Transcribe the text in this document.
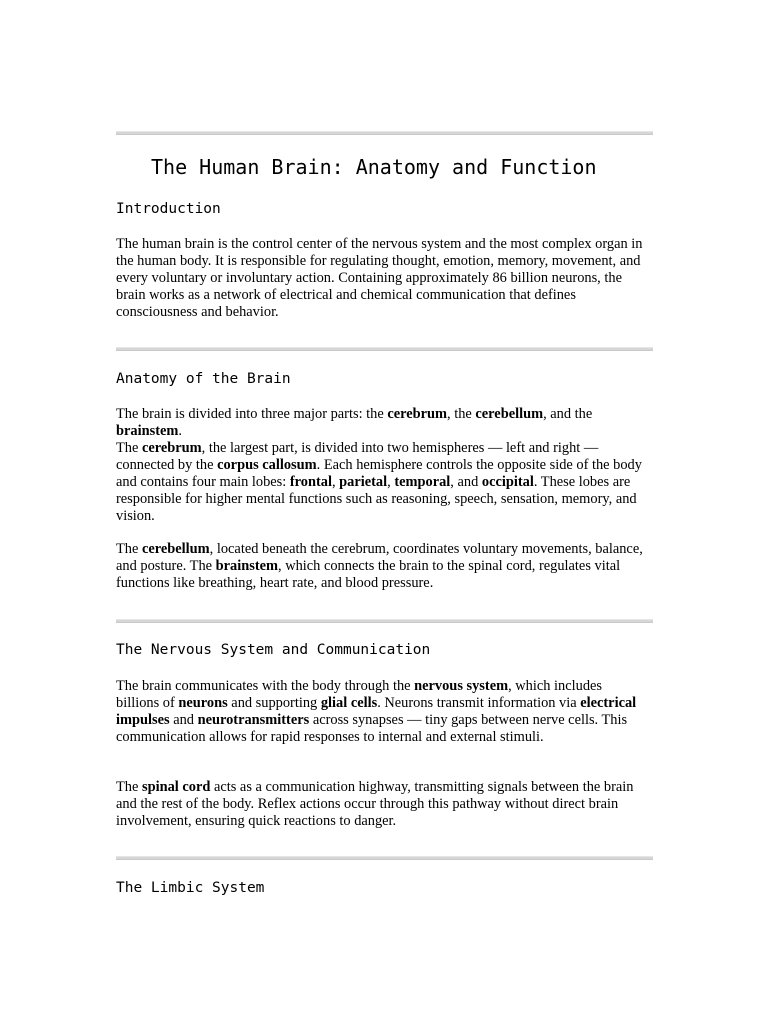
The Human Brain: Anatomy and Function
Introduction

The human brain is the control center of the nervous system and the most complex organ in the human body. It is responsible for regulating thought, emotion, memory, movement, and every voluntary or involuntary action. Containing approximately 86 billion neurons, the brain works as a network of electrical and chemical communication that defines consciousness and behavior.

Anatomy of the Brain

The brain is divided into three major parts: the cerebrum, the cerebellum, and the brainstem.

The cerebrum, the largest part, is divided into two hemispheres — left and right — connected by the corpus callosum. Each hemisphere controls the opposite side of the body and contains four main lobes: frontal, parietal, temporal, and occipital. These lobes are responsible for higher mental functions such as reasoning, speech, sensation, memory, and vision.

The cerebellum, located beneath the cerebrum, coordinates voluntary movements, balance, and posture. The brainstem, which connects the brain to the spinal cord, regulates vital functions like breathing, heart rate, and blood pressure.

The Nervous System and Communication

The brain communicates with the body through the nervous system, which includes billions of neurons and supporting glial cells. Neurons transmit information via electrical impulses and neurotransmitters across synapses — tiny gaps between nerve cells. This communication allows for rapid responses to internal and external stimuli.

The spinal cord acts as a communication highway, transmitting signals between the brain and the rest of the body. Reflex actions occur through this pathway without direct brain involvement, ensuring quick reactions to danger.

The Limbic System
